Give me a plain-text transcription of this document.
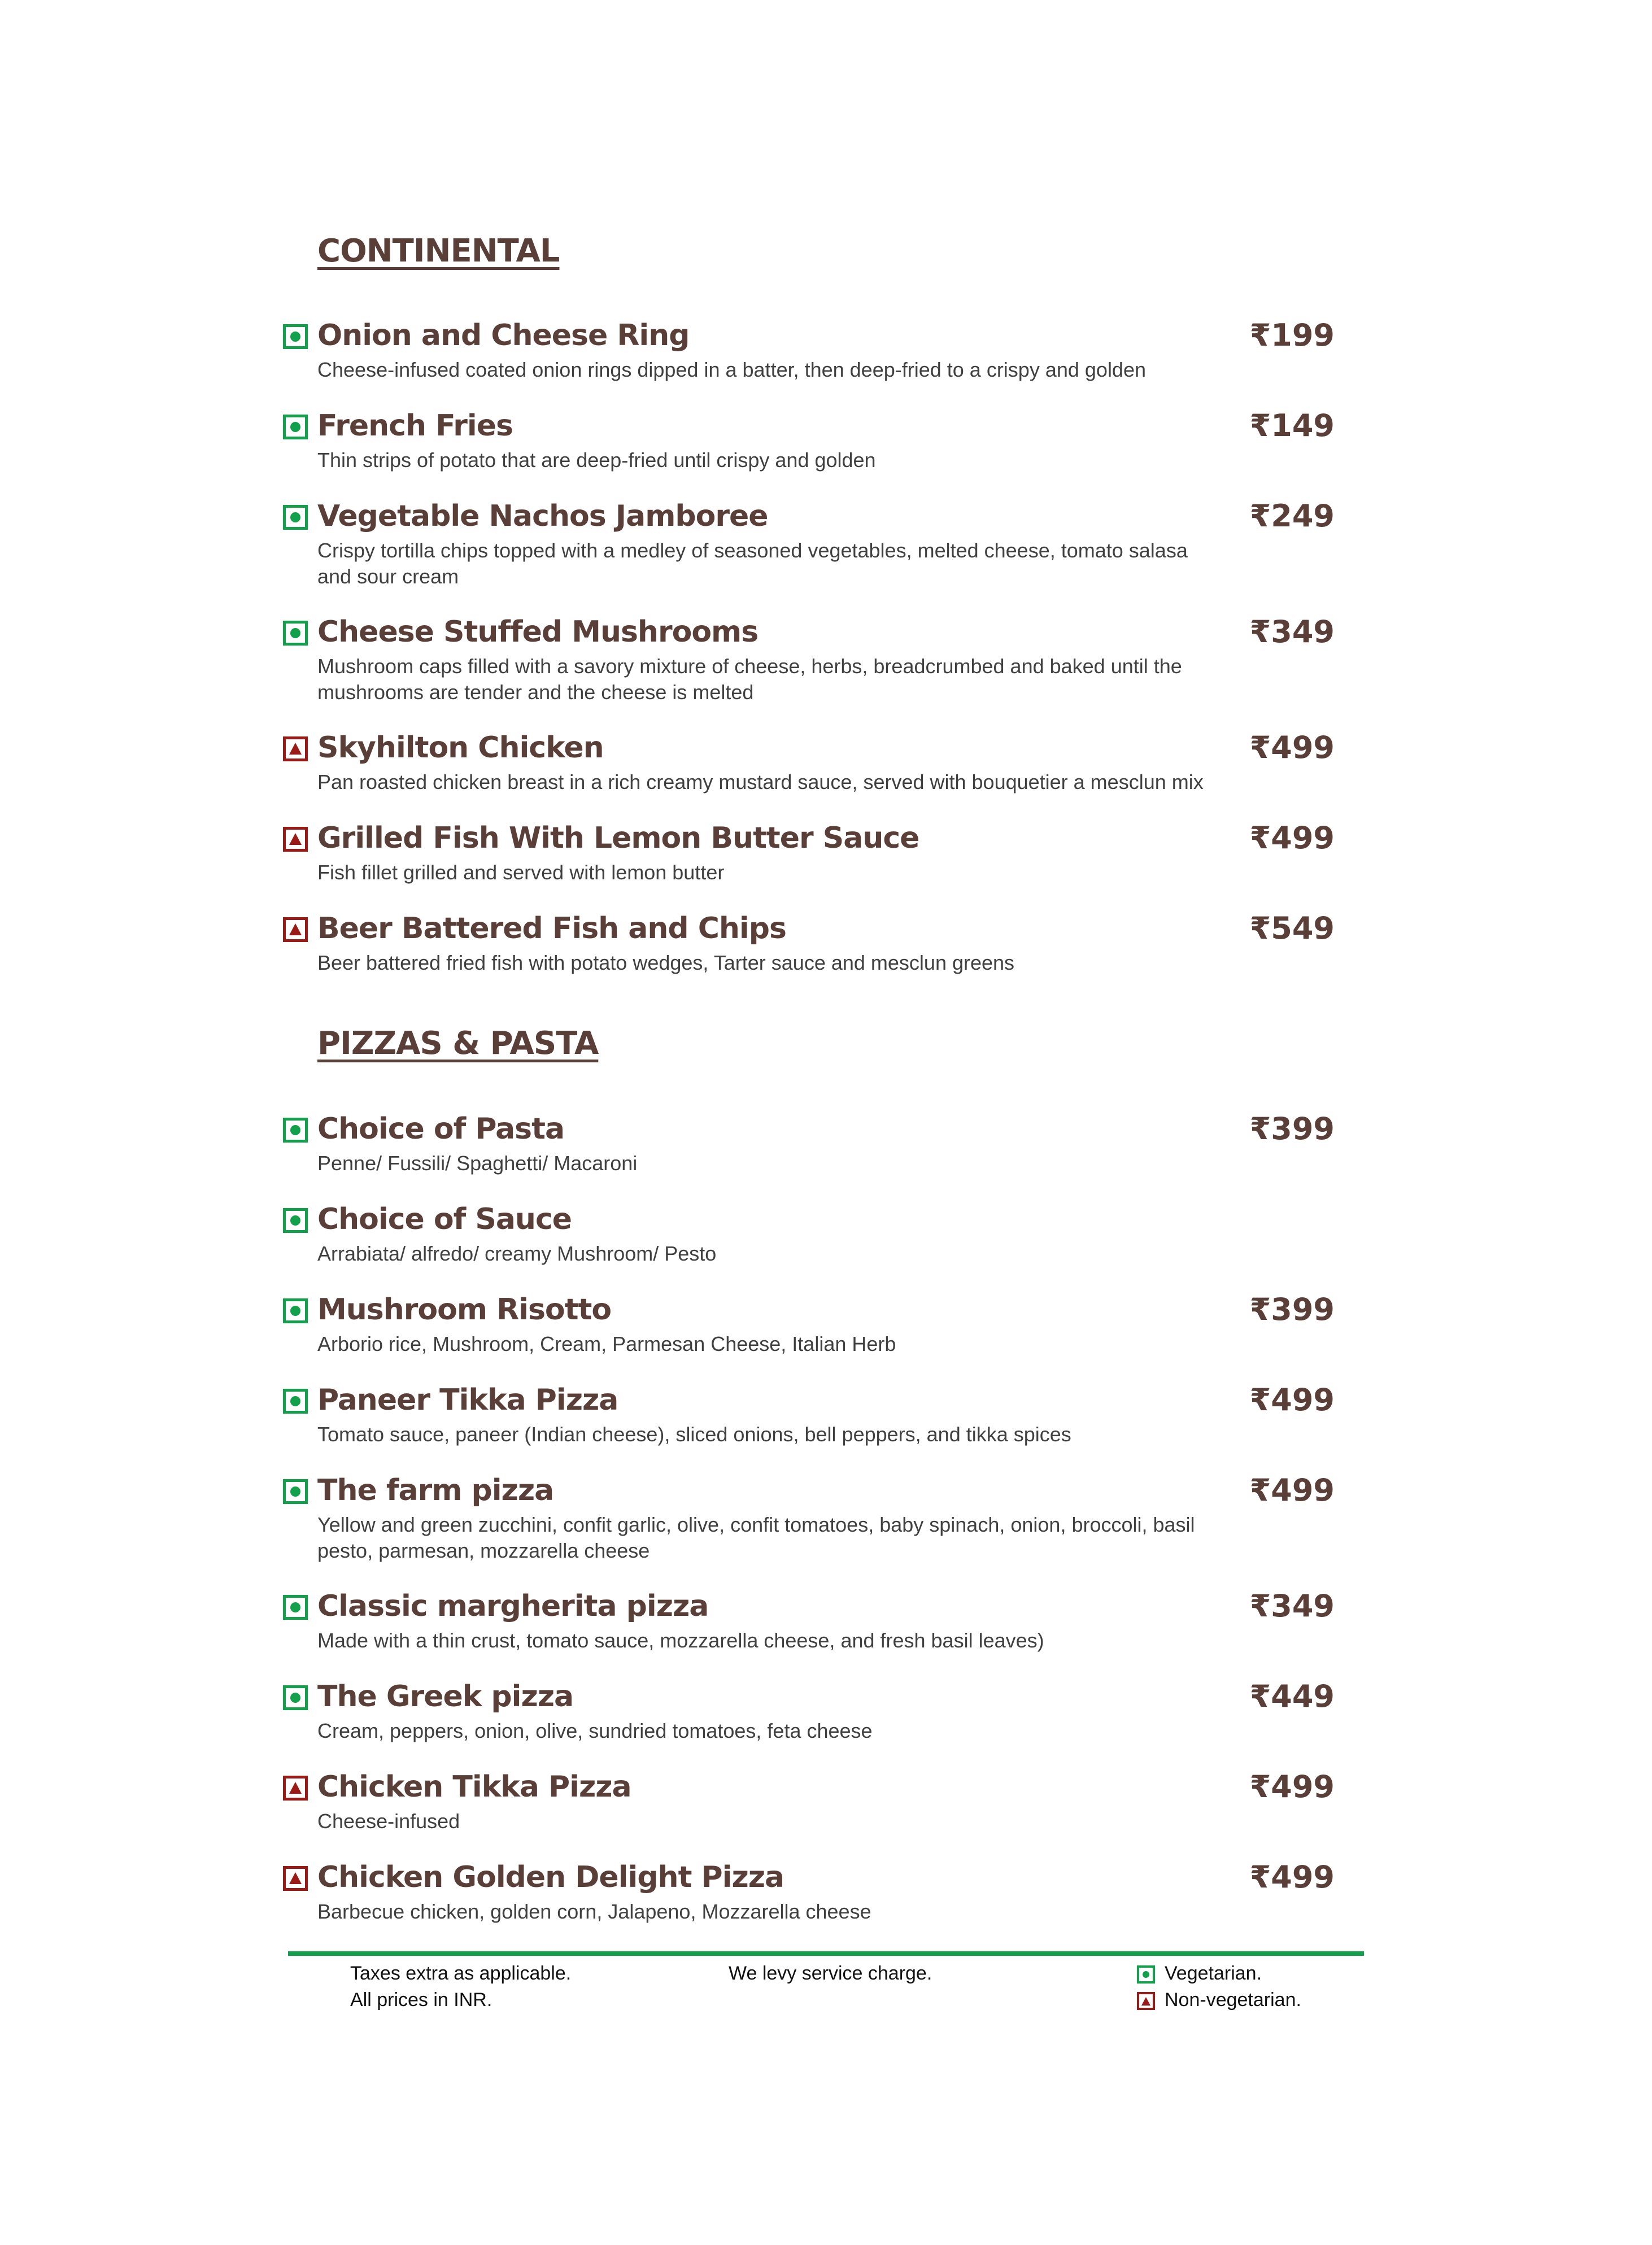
CONTINENTAL
Onion and Cheese Ring	₹199
Cheese-infused coated onion rings dipped in a batter, then deep-fried to a crispy and golden
French Fries	₹149
Thin strips of potato that are deep-fried until crispy and golden
Vegetable Nachos Jamboree	₹249
Crispy tortilla chips topped with a medley of seasoned vegetables, melted cheese, tomato salasa and sour cream
Cheese Stuffed Mushrooms	₹349
Mushroom caps filled with a savory mixture of cheese, herbs, breadcrumbed and baked until the mushrooms are tender and the cheese is melted
Skyhilton Chicken	₹499
Pan roasted chicken breast in a rich creamy mustard sauce, served with bouquetier a mesclun mix
Grilled Fish With Lemon Butter Sauce	₹499
Fish fillet grilled and served with lemon butter
Beer Battered Fish and Chips	₹549
Beer battered fried fish with potato wedges, Tarter sauce and mesclun greens
PIZZAS & PASTA
Choice of Pasta	₹399
Penne/ Fussili/ Spaghetti/ Macaroni
Choice of Sauce
Arrabiata/ alfredo/ creamy Mushroom/ Pesto
Mushroom Risotto	₹399
Arborio rice, Mushroom, Cream, Parmesan Cheese, Italian Herb
Paneer Tikka Pizza	₹499
Tomato sauce, paneer (Indian cheese), sliced onions, bell peppers, and tikka spices
The farm pizza	₹499
Yellow and green zucchini, confit garlic, olive, confit tomatoes, baby spinach, onion, broccoli, basil pesto, parmesan, mozzarella cheese
Classic margherita pizza	₹349
Made with a thin crust, tomato sauce, mozzarella cheese, and fresh basil leaves)
The Greek pizza	₹449
Cream, peppers, onion, olive, sundried tomatoes, feta cheese
Chicken Tikka Pizza	₹499
Cheese-infused
Chicken Golden Delight Pizza	₹499
Barbecue chicken, golden corn, Jalapeno, Mozzarella cheese
Taxes extra as applicable.
All prices in INR.
We levy service charge.	Vegetarian.
Non-vegetarian.
